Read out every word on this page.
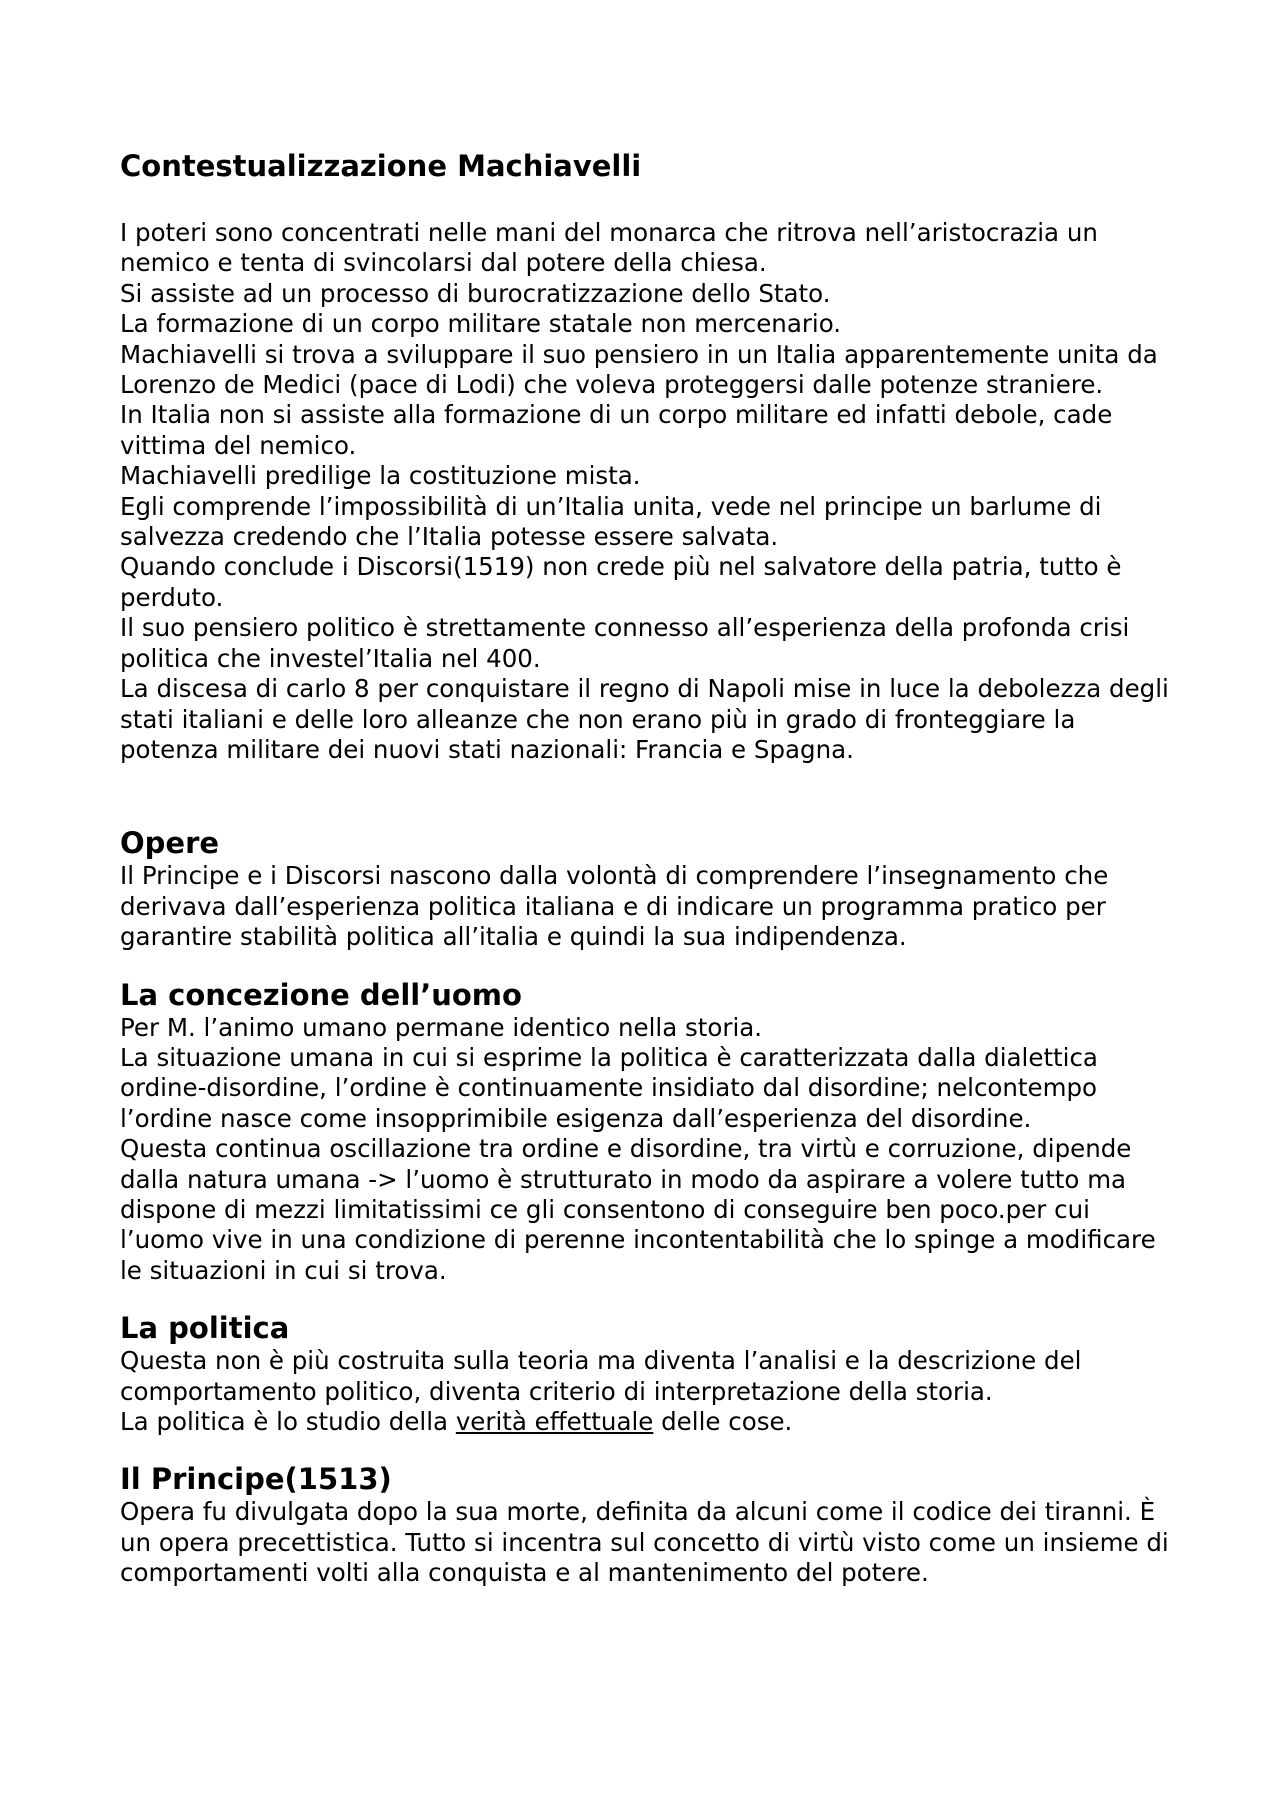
Contestualizzazione Machiavelli

I poteri sono concentrati nelle mani del monarca che ritrova nell’aristocrazia un nemico e tenta di svincolarsi dal potere della chiesa.

Si assiste ad un processo di burocratizzazione dello Stato.

La formazione di un corpo militare statale non mercenario.

Machiavelli si trova a sviluppare il suo pensiero in un Italia apparentemente unita da Lorenzo de Medici (pace di Lodi) che voleva proteggersi dalle potenze straniere.

In Italia non si assiste alla formazione di un corpo militare ed infatti debole, cade vittima del nemico.

Machiavelli predilige la costituzione mista.

Egli comprende l’impossibilità di un’Italia unita, vede nel principe un barlume di salvezza credendo che l’Italia potesse essere salvata.

Quando conclude i Discorsi(1519) non crede più nel salvatore della patria, tutto è perduto.

Il suo pensiero politico è strettamente connesso all’esperienza della profonda crisi politica che investel’Italia nel 400.

La discesa di carlo 8 per conquistare il regno di Napoli mise in luce la debolezza degli stati italiani e delle loro alleanze che non erano più in grado di fronteggiare la potenza militare dei nuovi stati nazionali: Francia e Spagna.

Opere

Il Principe e i Discorsi nascono dalla volontà di comprendere l’insegnamento che derivava dall’esperienza politica italiana e di indicare un programma pratico per garantire stabilità politica all’italia e quindi la sua indipendenza.

La concezione dell’uomo

Per M. l’animo umano permane identico nella storia.

La situazione umana in cui si esprime la politica è caratterizzata dalla dialettica ordine-disordine, l’ordine è continuamente insidiato dal disordine; nelcontempo l’ordine nasce come insopprimibile esigenza dall’esperienza del disordine.

Questa continua oscillazione tra ordine e disordine, tra virtù e corruzione, dipende dalla natura umana -> l’uomo è strutturato in modo da aspirare a volere tutto ma dispone di mezzi limitatissimi ce gli consentono di conseguire ben poco.per cui l’uomo vive in una condizione di perenne incontentabilità che lo spinge a modificare le situazioni in cui si trova.

La politica

Questa non è più costruita sulla teoria ma diventa l’analisi e la descrizione del comportamento politico, diventa criterio di interpretazione della storia.

La politica è lo studio della verità effettuale delle cose.

Il Principe(1513)

Opera fu divulgata dopo la sua morte, definita da alcuni come il codice dei tiranni. È un opera precettistica. Tutto si incentra sul concetto di virtù visto come un insieme di comportamenti volti alla conquista e al mantenimento del potere.
